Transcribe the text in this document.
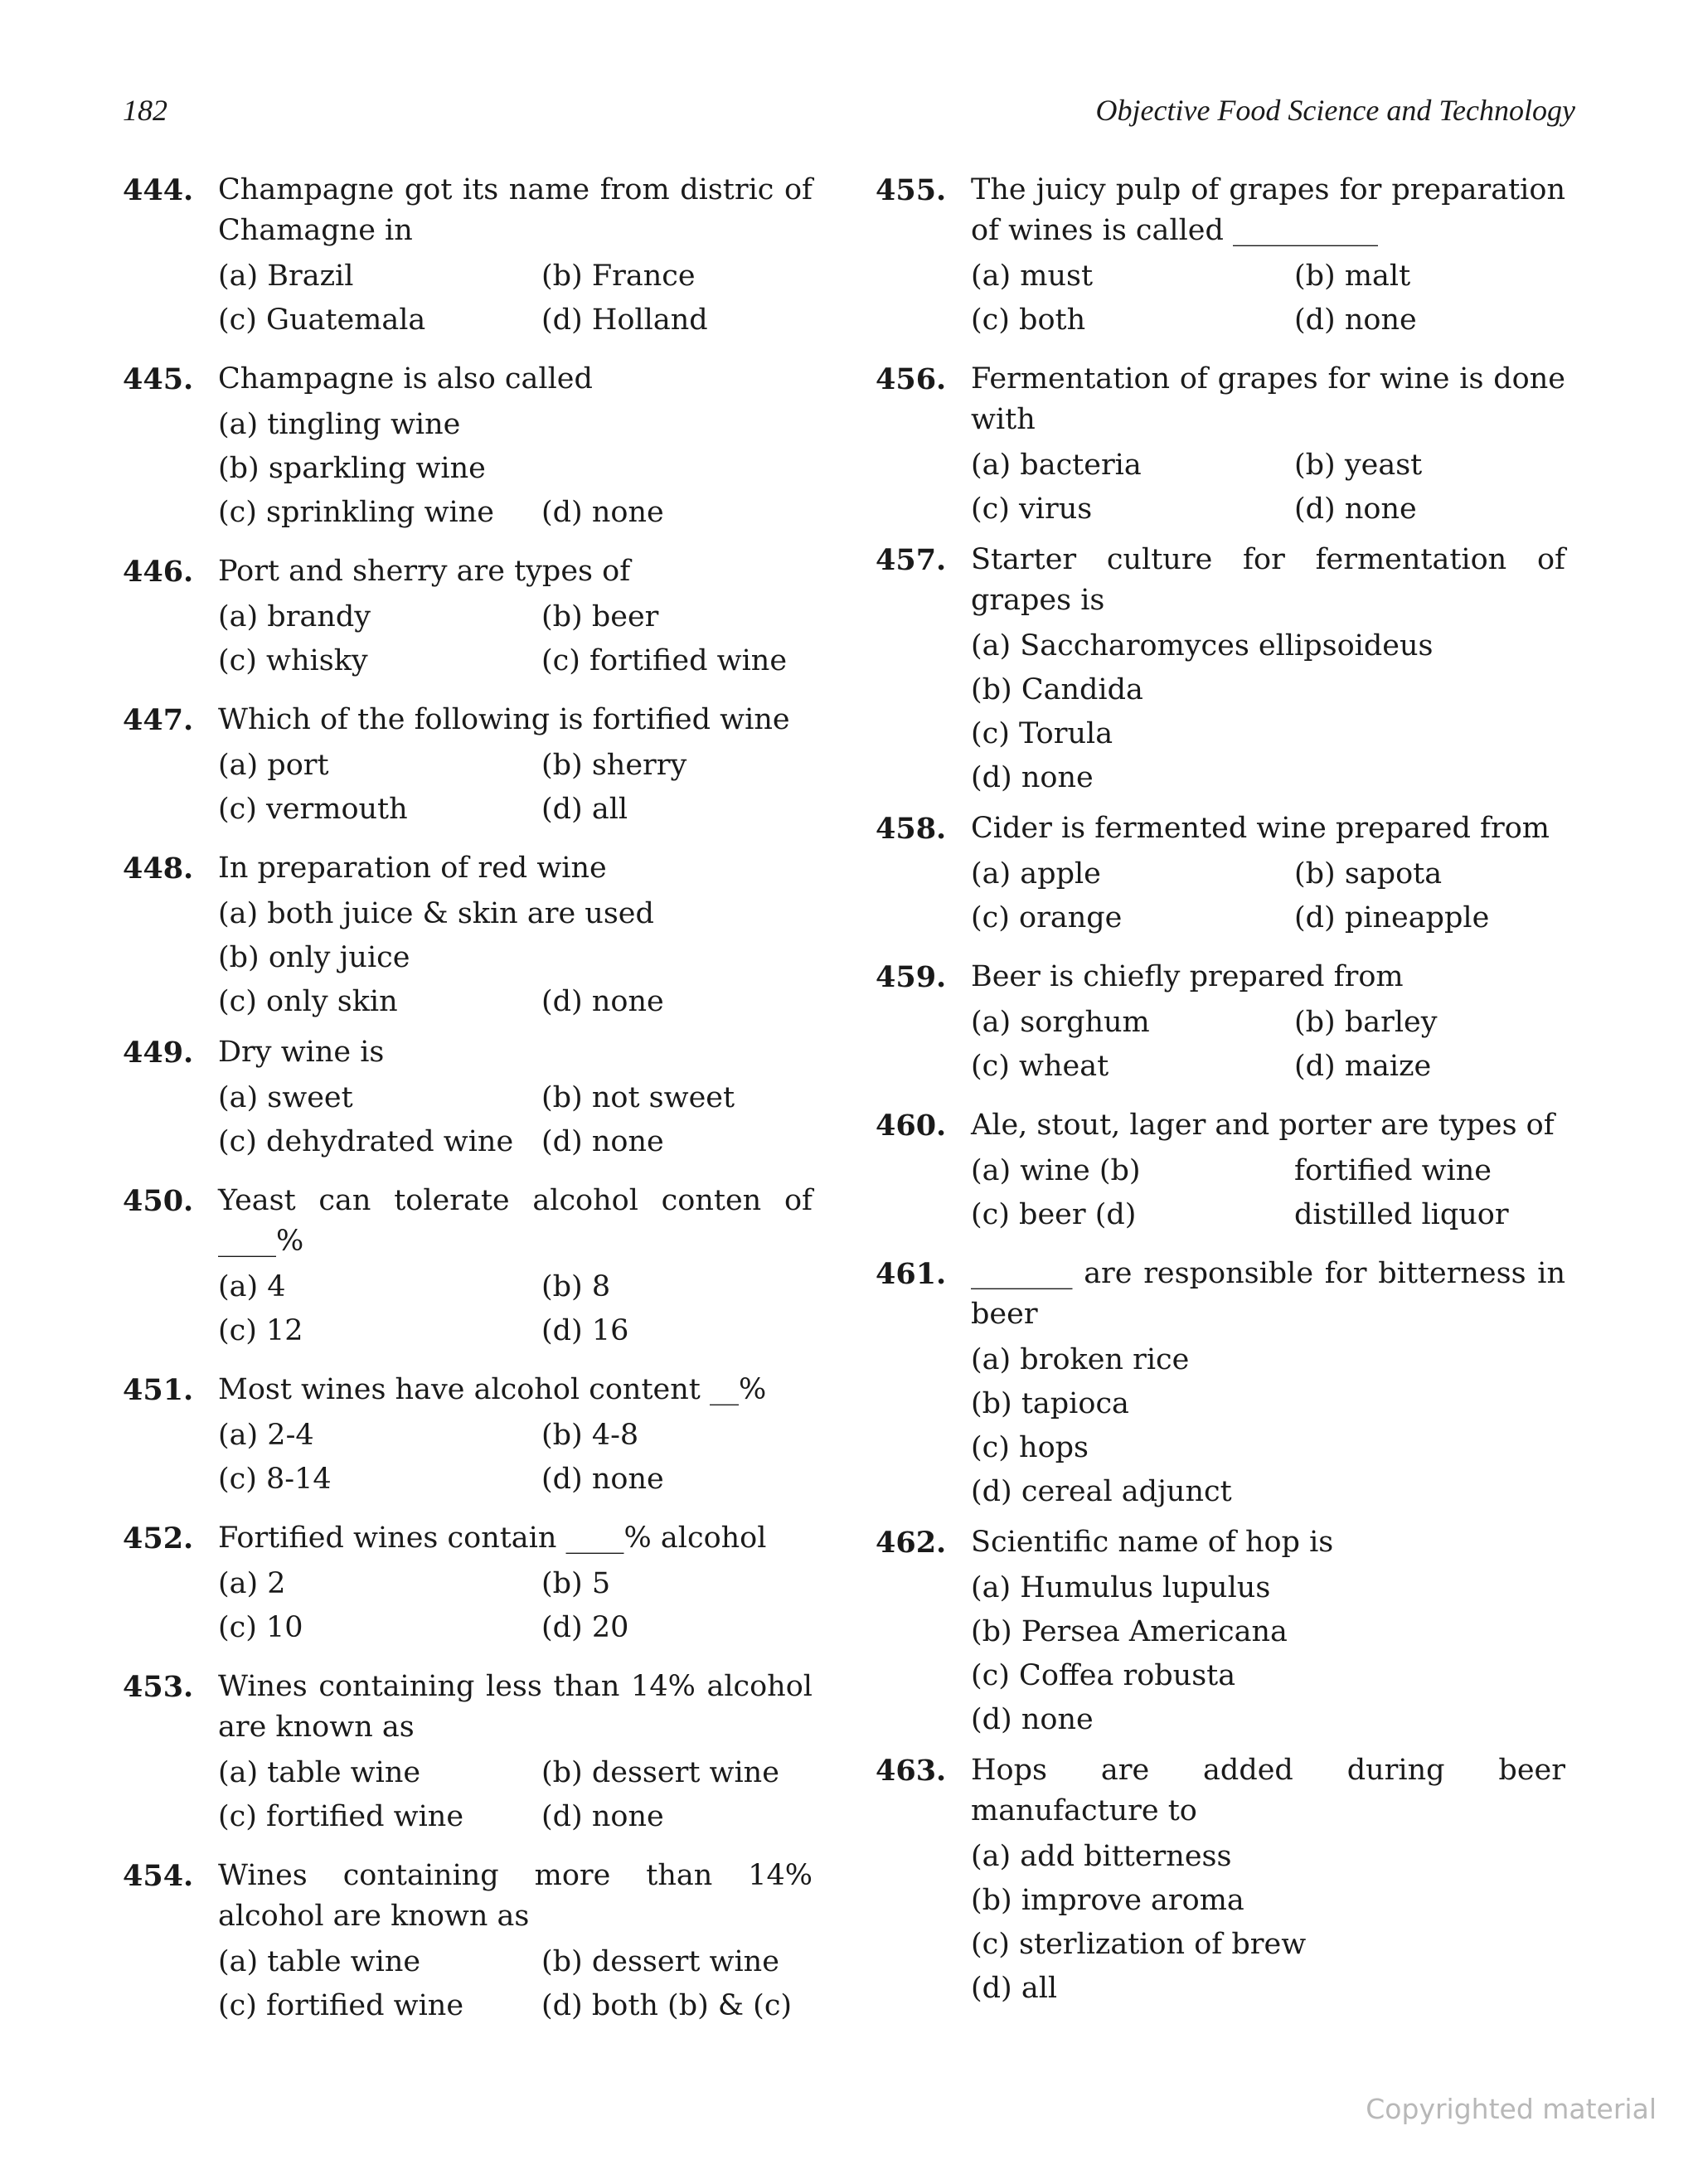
182	Objective Food Science and Technology
444. Champagne got its name from distric of Chamagne in
(a) Brazil	(b) France
(c) Guatemala	(d) Holland
445. Champagne is also called
(a) tingling wine
(b) sparkling wine
(c) sprinkling wine	(d) none
446. Port and sherry are types of
(a) brandy	(b) beer
(c) whisky	(c) fortified wine
447. Which of the following is fortified wine
(a) port	(b) sherry
(c) vermouth	(d) all
448. In preparation of red wine
(a) both juice & skin are used
(b) only juice
(c) only skin	(d) none
449. Dry wine is
(a) sweet	(b) not sweet
(c) dehydrated wine (d) none
450. Yeast can tolerate alcohol conten of ____%
(a) 4	(b) 8
(c) 12	(d) 16
451. Most wines have alcohol content __%
(a) 2-4	(b) 4-8
(c) 8-14	(d) none
452. Fortified wines contain ____% alcohol
(a) 2	(b) 5
(c) 10	(d) 20
453. Wines containing less than 14% alcohol are known as
(a) table wine	(b) dessert wine
(c) fortified wine	(d) none
454. Wines containing more than 14% alcohol are known as
(a) table wine	(b) dessert wine
(c) fortified wine	(d) both (b) & (c)
455. The juicy pulp of grapes for preparation of wines is called __________
(a) must	(b) malt
(c) both	(d) none
456. Fermentation of grapes for wine is done with
(a) bacteria	(b) yeast
(c) virus	(d) none
457. Starter culture for fermentation of grapes is
(a) Saccharomyces ellipsoideus
(b) Candida
(c) Torula
(d) none
458. Cider is fermented wine prepared from
(a) apple	(b) sapota
(c) orange	(d) pineapple
459. Beer is chiefly prepared from
(a) sorghum	(b) barley
(c) wheat	(d) maize
460. Ale, stout, lager and porter are types of
(a) wine (b)	fortified wine
(c) beer (d)	distilled liquor
461. _______ are responsible for bitterness in beer
(a) broken rice
(b) tapioca
(c) hops
(d) cereal adjunct
462. Scientific name of hop is
(a) Humulus lupulus
(b) Persea Americana
(c) Coffea robusta
(d) none
463. Hops are added during beer manufacture to
(a) add bitterness
(b) improve aroma
(c) sterlization of brew
(d) all
Copyrighted material
